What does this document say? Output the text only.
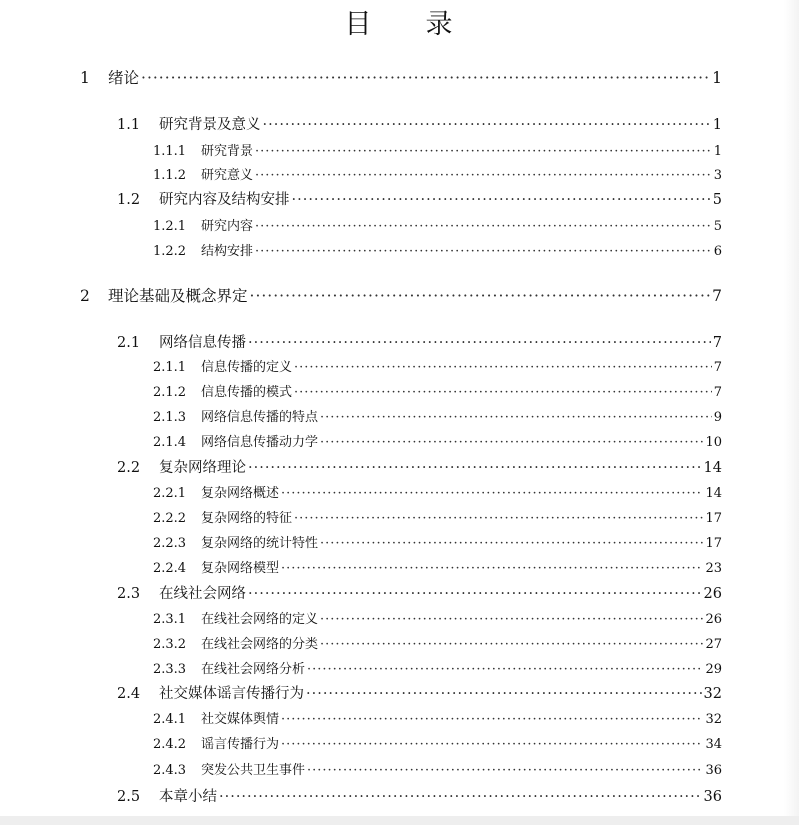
目 录
1	绪论 ·····	1
1.1	研究背景及意义 ·····	1
1.1.1	研究背景 ·····	1
1.1.2	研究意义 ·····	3
1.2	研究内容及结构安排 ·····	5
1.2.1	研究内容 ·····	5
1.2.2	结构安排 ·····	6
2	理论基础及概念界定 ·····	7
2.1	网络信息传播 ·····	7
2.1.1	信息传播的定义 ·····	7
2.1.2	信息传播的模式 ·····	7
2.1.3	网络信息传播的特点 ·····	9
2.1.4	网络信息传播动力学 ·····	10
2.2	复杂网络理论 ·····	14
2.2.1	复杂网络概述 ·····	14
2.2.2	复杂网络的特征 ·····	17
2.2.3	复杂网络的统计特性 ·····	17
2.2.4	复杂网络模型 ·····	23
2.3	在线社会网络 ·····	26
2.3.1	在线社会网络的定义 ·····	26
2.3.2	在线社会网络的分类 ·····	27
2.3.3	在线社会网络分析 ·····	29
2.4	社交媒体谣言传播行为 ·····	32
2.4.1	社交媒体舆情 ·····	32
2.4.2	谣言传播行为 ·····	34
2.4.3	突发公共卫生事件 ·····	36
2.5	本章小结 ·····	36
